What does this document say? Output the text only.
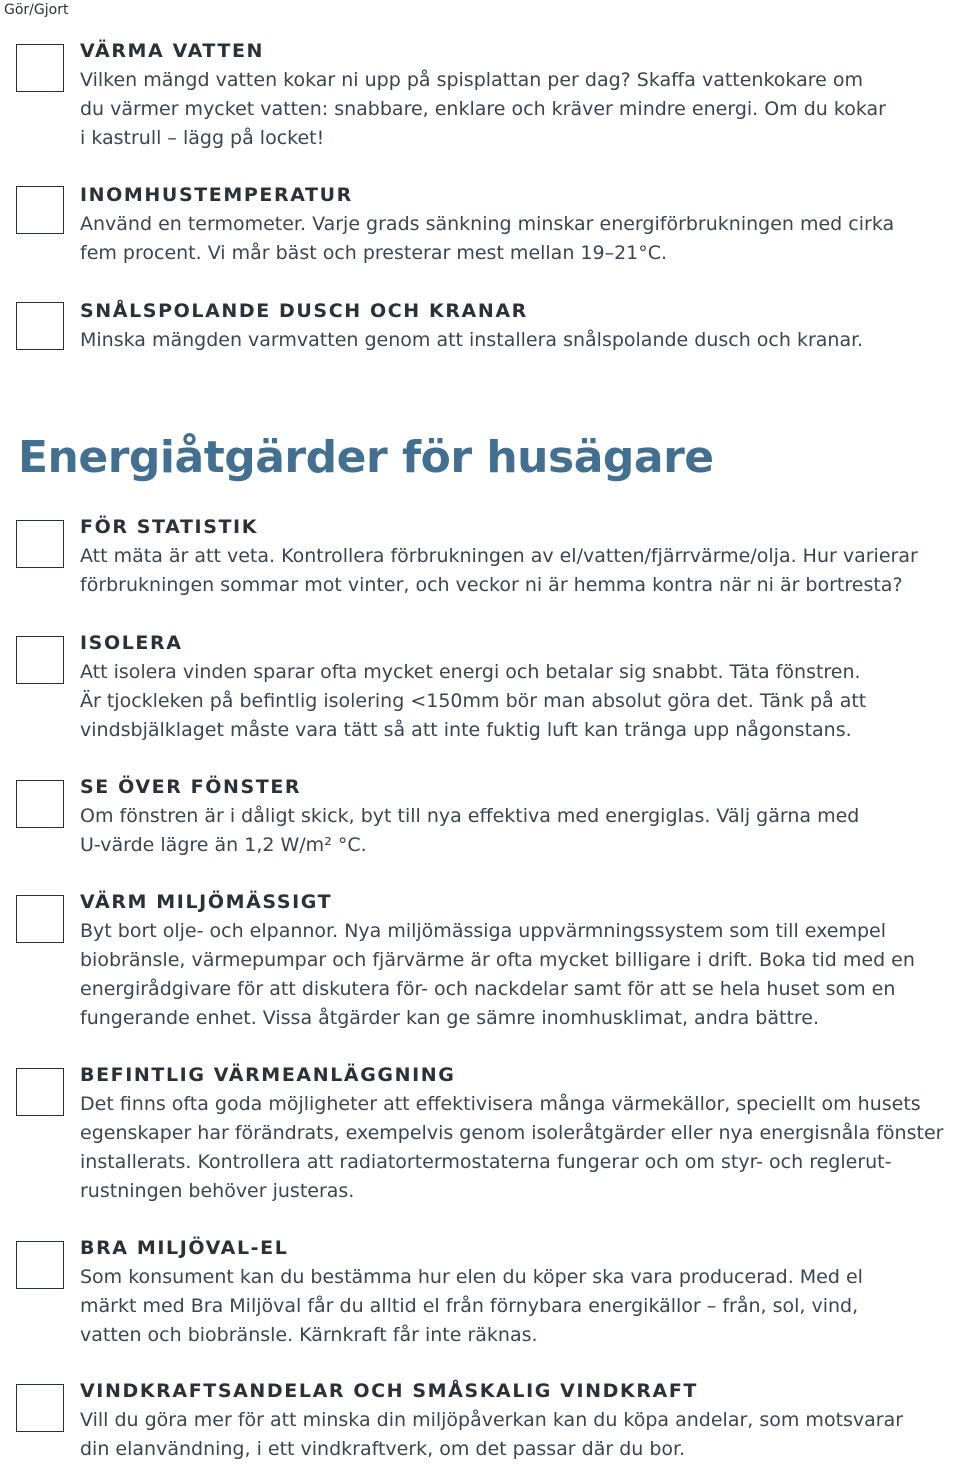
Gör/Gjort
VÄRMA VATTEN
Vilken mängd vatten kokar ni upp på spisplattan per dag? Skaffa vattenkokare om
du värmer mycket vatten: snabbare, enklare och kräver mindre energi. Om du kokar
i kastrull – lägg på locket!
INOMHUSTEMPERATUR
Använd en termometer. Varje grads sänkning minskar energiförbrukningen med cirka
fem procent. Vi mår bäst och presterar mest mellan 19–21°C.
SNÅLSPOLANDE DUSCH OCH KRANAR
Minska mängden varmvatten genom att installera snålspolande dusch och kranar.
Energiåtgärder för husägare
FÖR STATISTIK
Att mäta är att veta. Kontrollera förbrukningen av el/vatten/fjärrvärme/olja. Hur varierar
förbrukningen sommar mot vinter, och veckor ni är hemma kontra när ni är bortresta?
ISOLERA
Att isolera vinden sparar ofta mycket energi och betalar sig snabbt. Täta fönstren.
Är tjockleken på befintlig isolering <150mm bör man absolut göra det. Tänk på att
vindsbjälklaget måste vara tätt så att inte fuktig luft kan tränga upp någonstans.
SE ÖVER FÖNSTER
Om fönstren är i dåligt skick, byt till nya effektiva med energiglas. Välj gärna med
U-värde lägre än 1,2 W/m² °C.
VÄRM MILJÖMÄSSIGT
Byt bort olje- och elpannor. Nya miljömässiga uppvärmningssystem som till exempel
biobränsle, värmepumpar och fjärvärme är ofta mycket billigare i drift. Boka tid med en
energirådgivare för att diskutera för- och nackdelar samt för att se hela huset som en
fungerande enhet. Vissa åtgärder kan ge sämre inomhusklimat, andra bättre.
BEFINTLIG VÄRMEANLÄGGNING
Det finns ofta goda möjligheter att effektivisera många värmekällor, speciellt om husets
egenskaper har förändrats, exempelvis genom isoleråtgärder eller nya energisnåla fönster
installerats. Kontrollera att radiatortermostaterna fungerar och om styr- och reglerut-
rustningen behöver justeras.
BRA MILJÖVAL-EL
Som konsument kan du bestämma hur elen du köper ska vara producerad. Med el
märkt med Bra Miljöval får du alltid el från förnybara energikällor – från, sol, vind,
vatten och biobränsle. Kärnkraft får inte räknas.
VINDKRAFTSANDELAR OCH SMÅSKALIG VINDKRAFT
Vill du göra mer för att minska din miljöpåverkan kan du köpa andelar, som motsvarar
din elanvändning, i ett vindkraftverk, om det passar där du bor.
